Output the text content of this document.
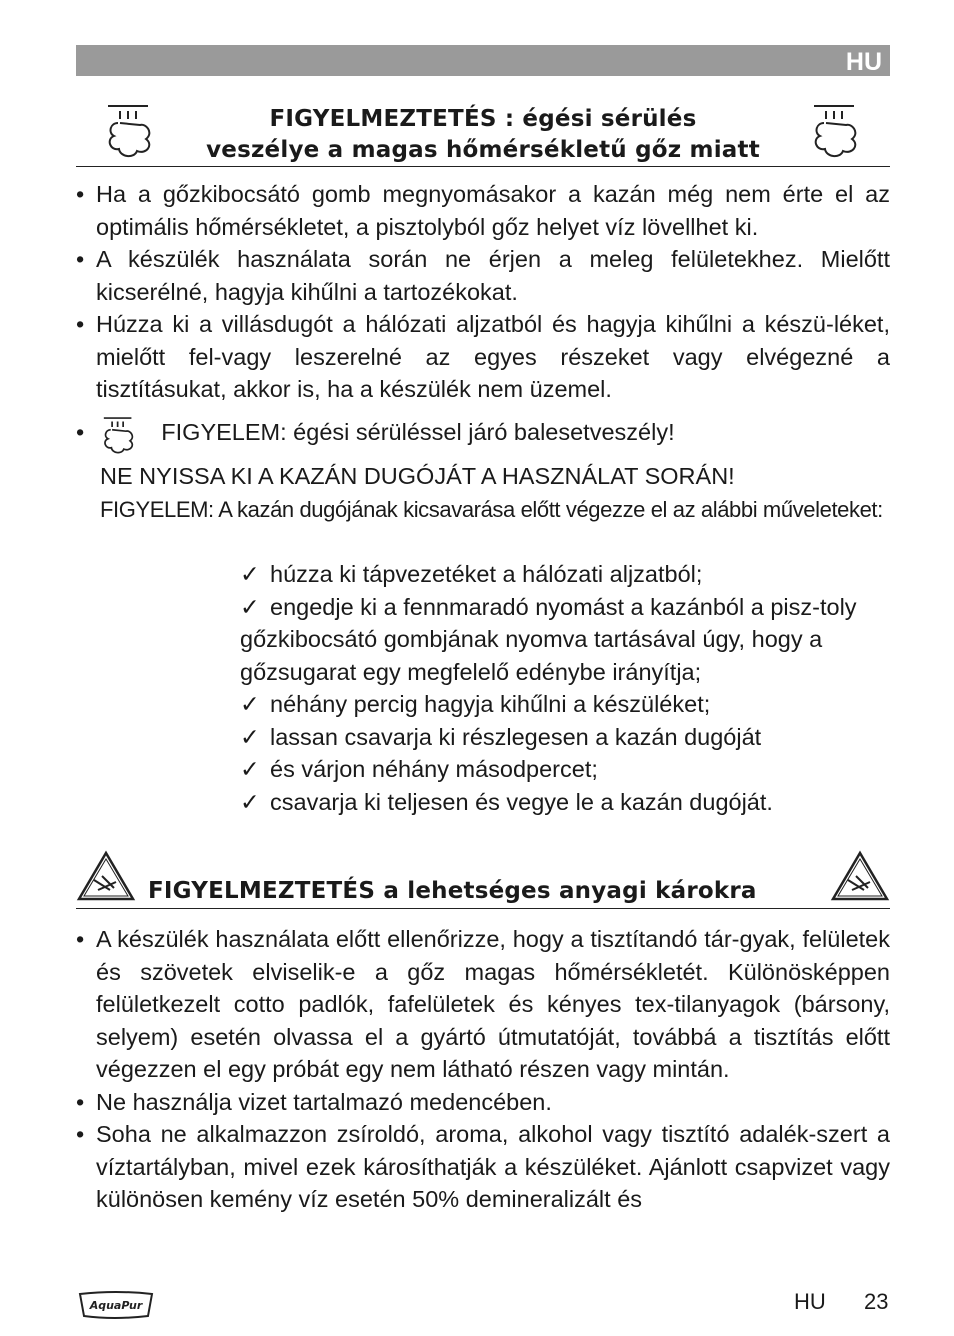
HU
FIGYELMEZTETÉS : égési sérülés
veszélye a magas hőmérsékletű gőz miatt
• Ha a gőzkibocsátó gomb megnyomásakor a kazán még nem érte el az optimális hőmérsékletet, a pisztolyból gőz helyet víz lövellhet ki.
• A készülék használata során ne érjen a meleg felületekhez. Mielőtt kicserélné, hagyja kihűlni a tartozékokat.
• Húzza ki a villásdugót a hálózati aljzatból és hagyja kihűlni a készü-léket, mielőtt fel-vagy leszerelné az egyes részeket vagy elvégezné a tisztításukat, akkor is, ha a készülék nem üzemel.
•	FIGYELEM: égési sérüléssel járó balesetveszély!
NE NYISSA KI A KAZÁN DUGÓJÁT A HASZNÁLAT SORÁN!
FIGYELEM: A kazán dugójának kicsavarása előtt végezze el az alábbi műveleteket:
✓ húzza ki tápvezetéket a hálózati aljzatból;
✓ engedje ki a fennmaradó nyomást a kazánból a pisz-toly gőzkibocsátó gombjának nyomva tartásával úgy, hogy a gőzsugarat egy megfelelő edénybe irányítja;
✓ néhány percig hagyja kihűlni a készüléket;
✓ lassan csavarja ki részlegesen a kazán dugóját
✓ és várjon néhány másodpercet;
✓ csavarja ki teljesen és vegye le a kazán dugóját.
FIGYELMEZTETÉS a lehetséges anyagi károkra
• A készülék használata előtt ellenőrizze, hogy a tisztítandó tár-gyak, felületek és szövetek elviselik-e a gőz magas hőmérsékletét. Különösképpen felületkezelt cotto padlók, fafelületek és kényes tex-tilanyagok (bársony, selyem) esetén olvassa el a gyártó útmutatóját, továbbá a tisztítás előtt végezzen el egy próbát egy nem látható részen vagy mintán.
• Ne használja vizet tartalmazó medencében.
• Soha ne alkalmazzon zsíroldó, aroma, alkohol vagy tisztító adalék-szert a víztartályban, mivel ezek károsíthatják a készüléket. Ajánlott csapvizet vagy különösen kemény víz esetén 50% demineralizált és
AquaPur	HU 23
